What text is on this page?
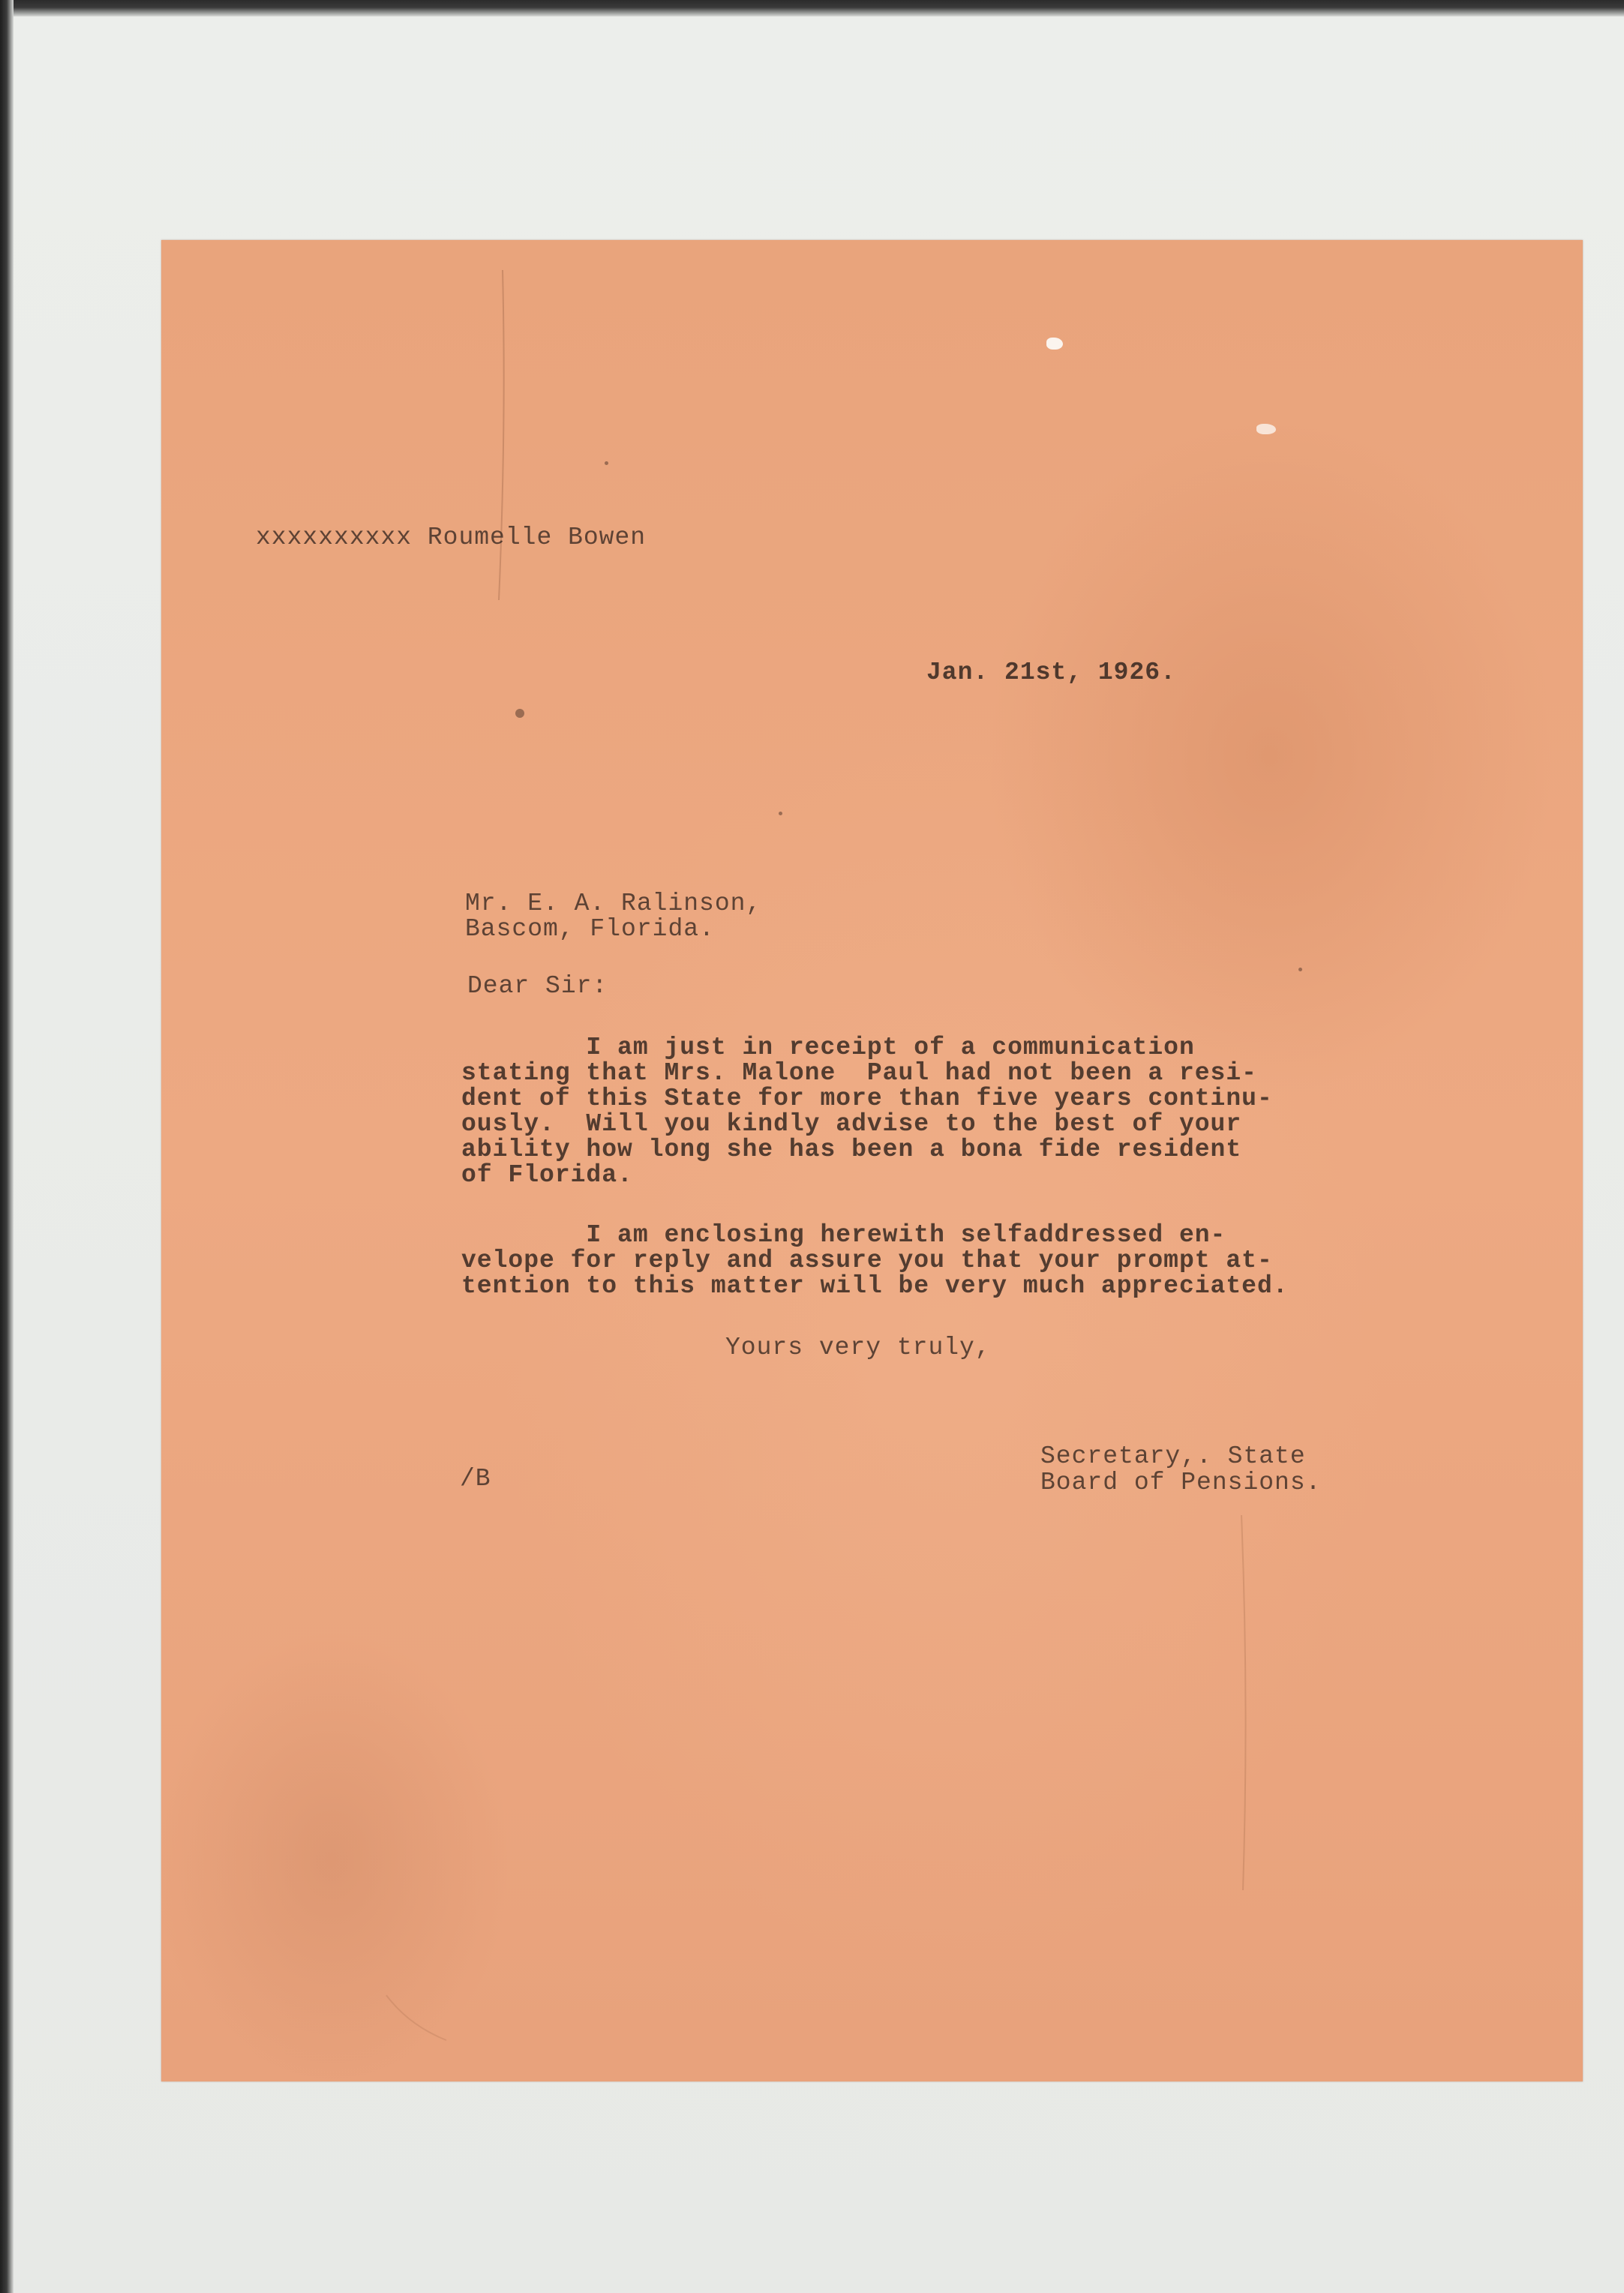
xxxxxxxxxx Roumelle Bowen
Jan. 21st, 1926.
Mr. E. A. Ralinson,
Bascom, Florida.
Dear Sir:
I am just in receipt of a communication
stating that Mrs. Malone  Paul had not been a resi-
dent of this State for more than five years continu-
ously.  Will you kindly advise to the best of your
ability how long she has been a bona fide resident
of Florida.
I am enclosing herewith selfaddressed en-
velope for reply and assure you that your prompt at-
tention to this matter will be very much appreciated.
Yours very truly,
Secretary,. State
Board of Pensions.
/B
